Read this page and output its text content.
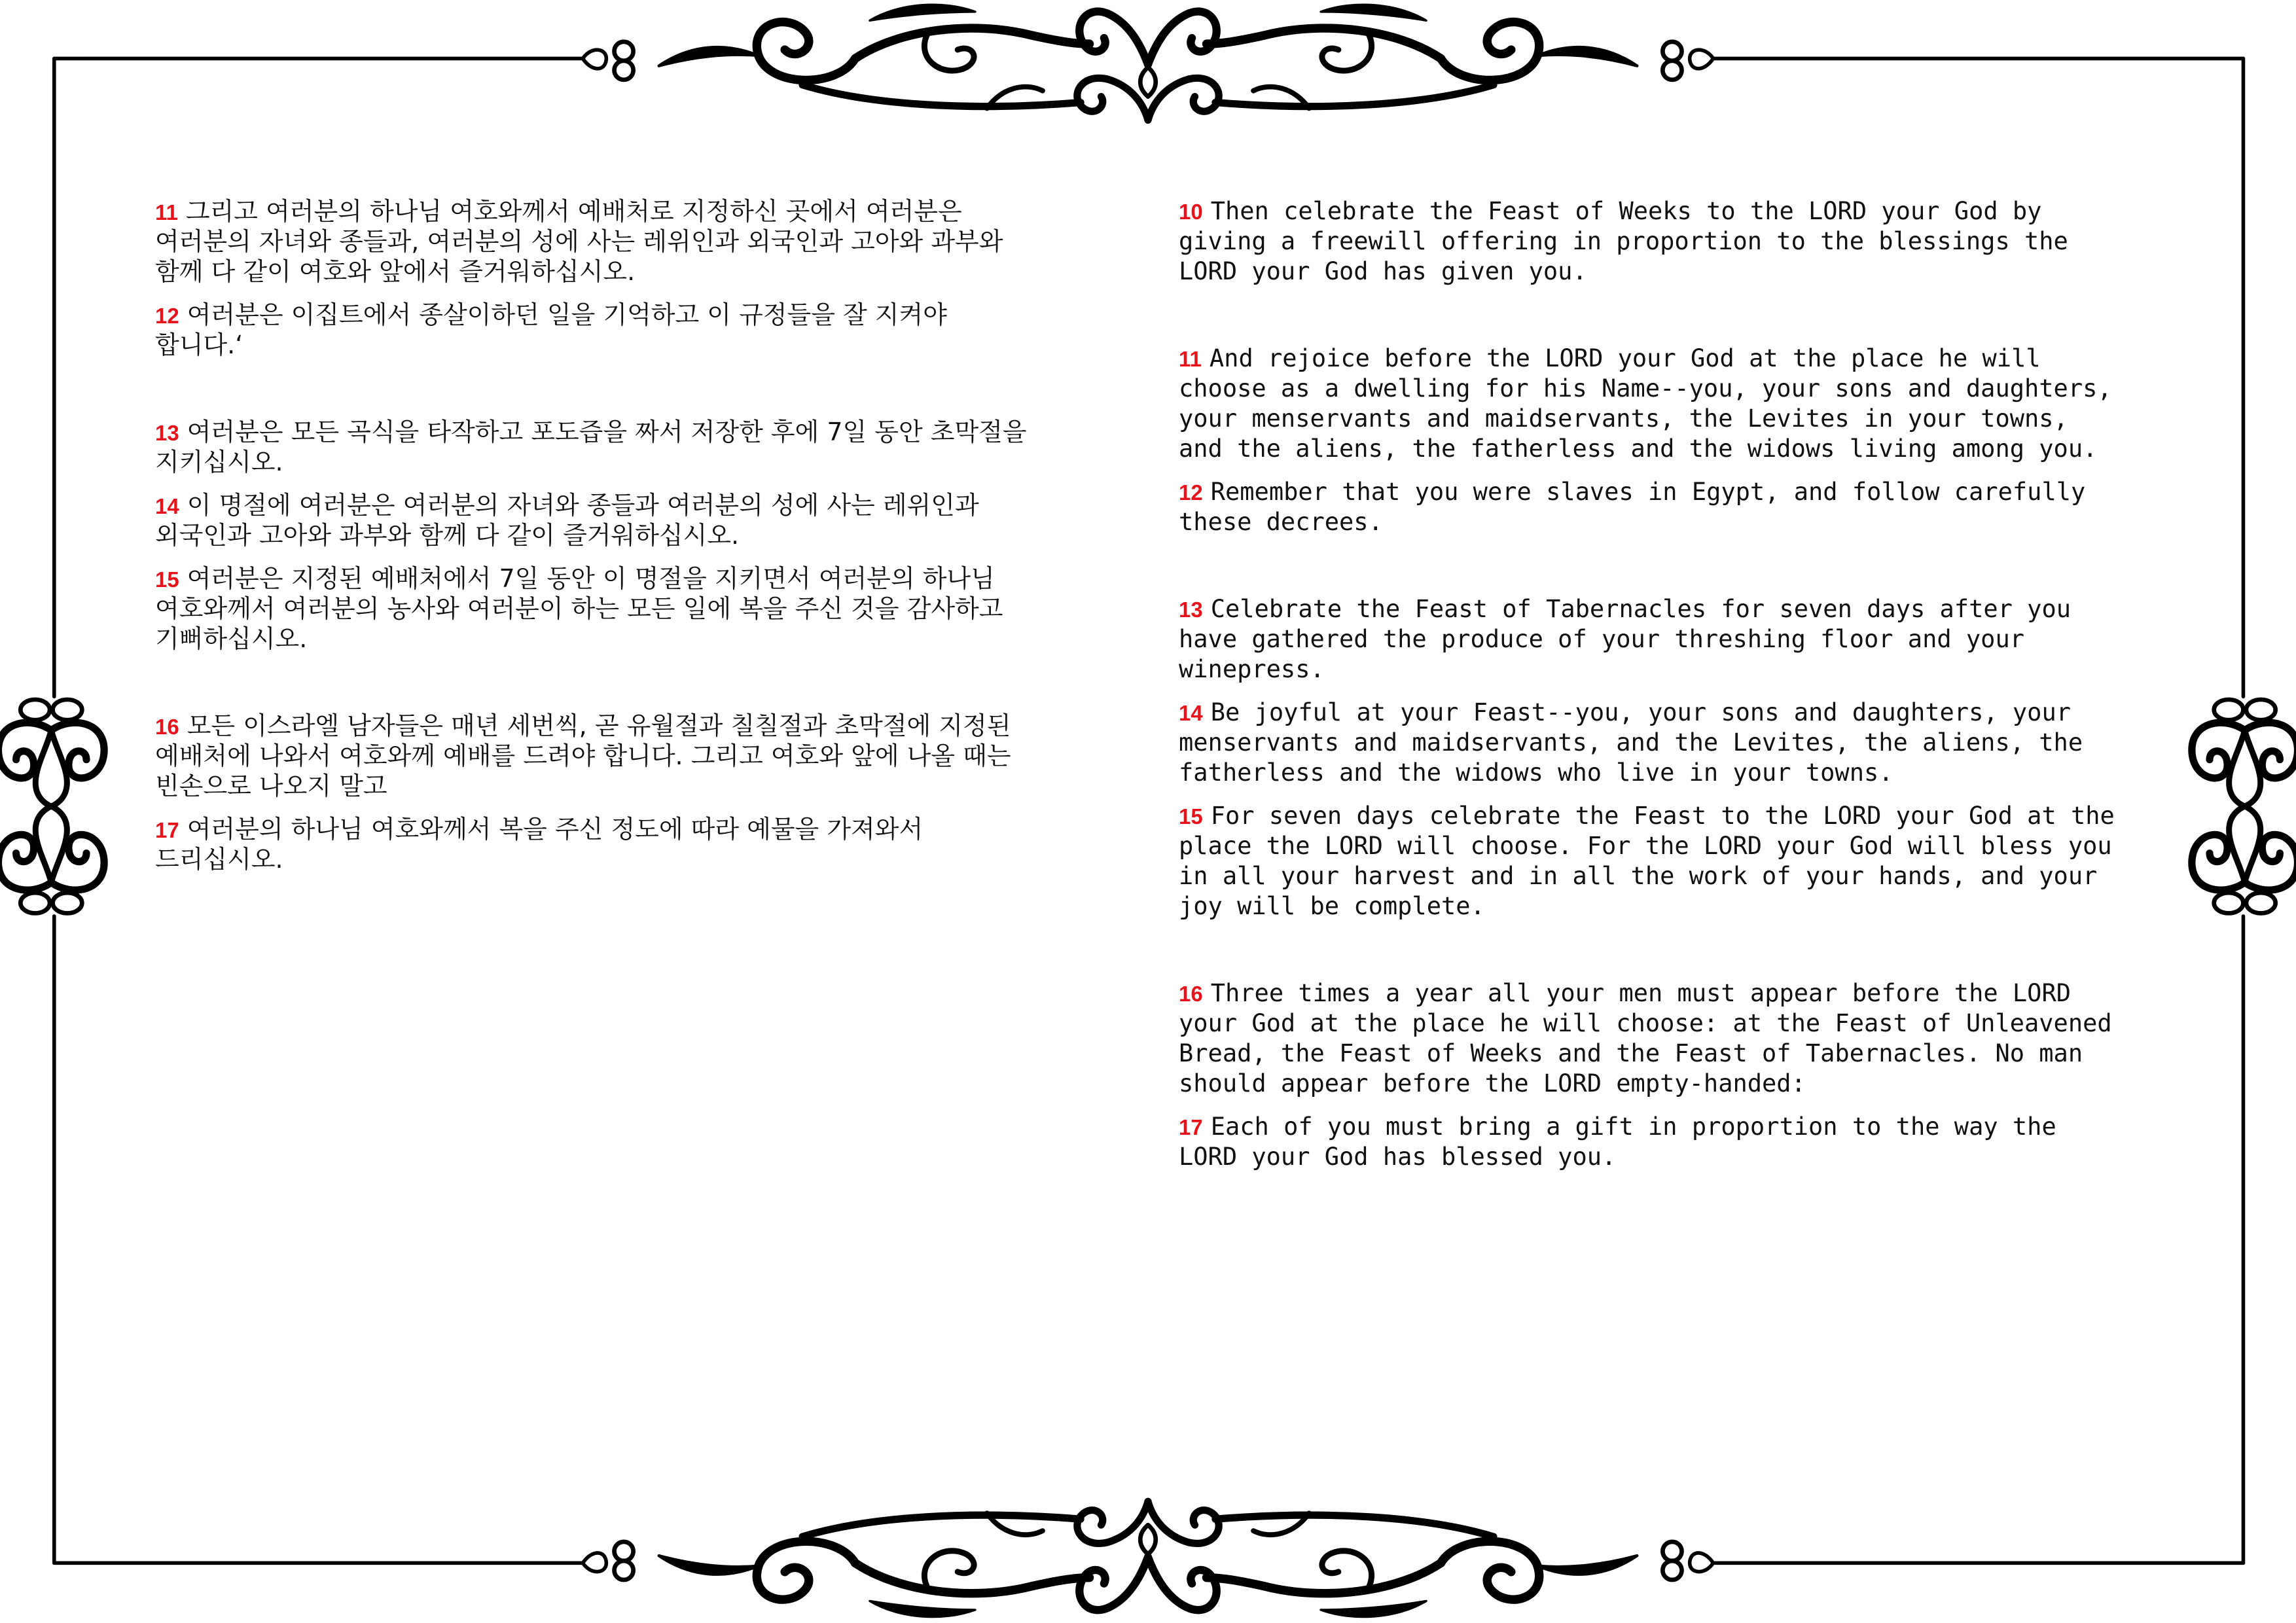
11 그리고 여러분의 하나님 여호와께서 예배처로 지정하신 곳에서 여러분은
여러분의 자녀와 종들과, 여러분의 성에 사는 레위인과 외국인과 고아와 과부와
함께 다 같이 여호와 앞에서 즐거워하십시오.
12 여러분은 이집트에서 종살이하던 일을 기억하고 이 규정들을 잘 지켜야
합니다.‘
13 여러분은 모든 곡식을 타작하고 포도즙을 짜서 저장한 후에 7일 동안 초막절을
지키십시오.
14 이 명절에 여러분은 여러분의 자녀와 종들과 여러분의 성에 사는 레위인과
외국인과 고아와 과부와 함께 다 같이 즐거워하십시오.
15 여러분은 지정된 예배처에서 7일 동안 이 명절을 지키면서 여러분의 하나님
여호와께서 여러분의 농사와 여러분이 하는 모든 일에 복을 주신 것을 감사하고
기뻐하십시오.
16 모든 이스라엘 남자들은 매년 세번씩, 곧 유월절과 칠칠절과 초막절에 지정된
예배처에 나와서 여호와께 예배를 드려야 합니다. 그리고 여호와 앞에 나올 때는
빈손으로 나오지 말고
17 여러분의 하나님 여호와께서 복을 주신 정도에 따라 예물을 가져와서
드리십시오.
10 Then celebrate the Feast of Weeks to the LORD your God by
giving a freewill offering in proportion to the blessings the
LORD your God has given you.
11 And rejoice before the LORD your God at the place he will
choose as a dwelling for his Name--you, your sons and daughters,
your menservants and maidservants, the Levites in your towns,
and the aliens, the fatherless and the widows living among you.
12 Remember that you were slaves in Egypt, and follow carefully
these decrees.
13 Celebrate the Feast of Tabernacles for seven days after you
have gathered the produce of your threshing floor and your
winepress.
14 Be joyful at your Feast--you, your sons and daughters, your
menservants and maidservants, and the Levites, the aliens, the
fatherless and the widows who live in your towns.
15 For seven days celebrate the Feast to the LORD your God at the
place the LORD will choose. For the LORD your God will bless you
in all your harvest and in all the work of your hands, and your
joy will be complete.
16 Three times a year all your men must appear before the LORD
your God at the place he will choose: at the Feast of Unleavened
Bread, the Feast of Weeks and the Feast of Tabernacles. No man
should appear before the LORD empty-handed:
17 Each of you must bring a gift in proportion to the way the
LORD your God has blessed you.
